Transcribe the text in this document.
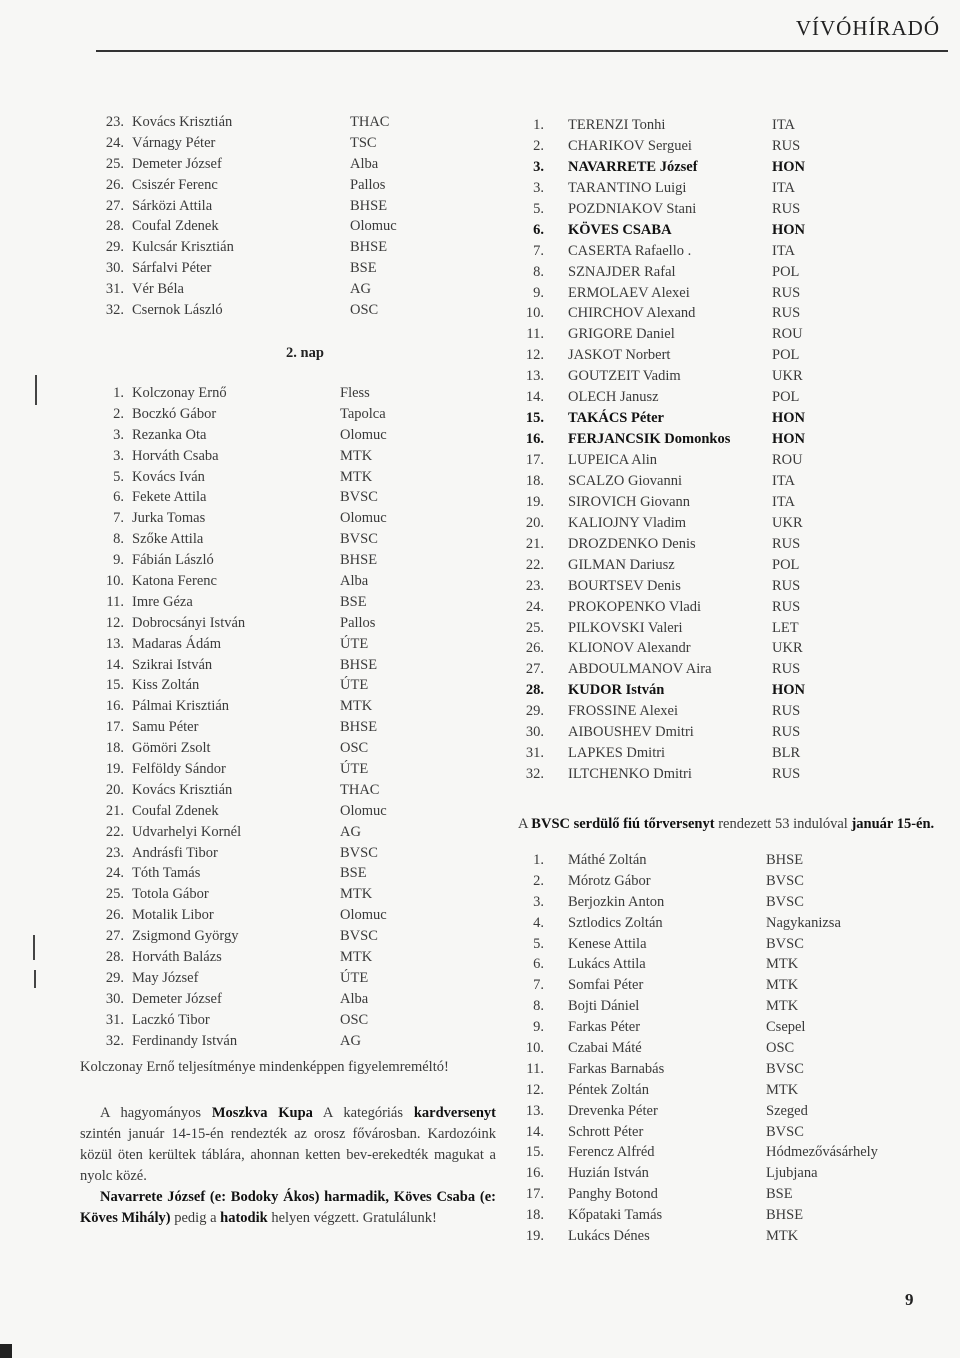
VÍVÓHÍRADÓ
23. Kovács Krisztián	THAC
24. Várnagy Péter	TSC
25. Demeter József	Alba
26. Csiszér Ferenc	Pallos
27. Sárközi Attila	BHSE
28. Coufal Zdenek	Olomuc
29. Kulcsár Krisztián	BHSE
30. Sárfalvi Péter	BSE
31. Vér Béla	AG
32. Csernok László	OSC
2. nap
1. Kolczonay Ernő	Fless
2. Boczkó Gábor	Tapolca
3. Rezanka Ota	Olomuc
3. Horváth Csaba	MTK
5. Kovács Iván	MTK
6. Fekete Attila	BVSC
7. Jurka Tomas	Olomuc
8. Szőke Attila	BVSC
9. Fábián László	BHSE
10. Katona Ferenc	Alba
11. Imre Géza	BSE
12. Dobrocsányi István	Pallos
13. Madaras Ádám	ÚTE
14. Szikrai István	BHSE
15. Kiss Zoltán	ÚTE
16. Pálmai Krisztián	MTK
17. Samu Péter	BHSE
18. Gömöri Zsolt	OSC
19. Felföldy Sándor	ÚTE
20. Kovács Krisztián	THAC
21. Coufal Zdenek	Olomuc
22. Udvarhelyi Kornél	AG
23. Andrásfi Tibor	BVSC
24. Tóth Tamás	BSE
25. Totola Gábor	MTK
26. Motalik Libor	Olomuc
27. Zsigmond György	BVSC
28. Horváth Balázs	MTK
29. May József	ÚTE
30. Demeter József	Alba
31. Laczkó Tibor	OSC
32. Ferdinandy István	AG
Kolczonay Ernő teljesítménye mindenképpen figyelemreméltó!
A hagyományos Moszkva Kupa A kategóriás kardversenyt szintén január 14-15-én rendezték az orosz fővárosban. Kardozóink közül öten kerültek táblára, ahonnan ketten bev-erekedték magukat a nyolc közé.
Navarrete József (e: Bodoky Ákos) harmadik, Köves Csaba (e: Köves Mihály) pedig a hatodik helyen végzett. Gratulálunk!
1. TERENZI Tonhi	ITA
2. CHARIKOV Serguei	RUS
3. NAVARRETE József	HON
3. TARANTINO Luigi	ITA
5. POZDNIAKOV Stani	RUS
6. KÖVES CSABA	HON
7. CASERTA Rafaello .	ITA
8. SZNAJDER Rafal	POL
9. ERMOLAEV Alexei	RUS
10. CHIRCHOV Alexand	RUS
11. GRIGORE Daniel	ROU
12. JASKOT Norbert	POL
13. GOUTZEIT Vadim	UKR
14. OLECH Janusz	POL
15. TAKÁCS Péter	HON
16. FERJANCSIK Domonkos	HON
17. LUPEICA Alin	ROU
18. SCALZO Giovanni	ITA
19. SIROVICH Giovann	ITA
20. KALIOJNY Vladim	UKR
21. DROZDENKO Denis	RUS
22. GILMAN Dariusz	POL
23. BOURTSEV Denis	RUS
24. PROKOPENKO Vladi	RUS
25. PILKOVSKI Valeri	LET
26. KLIONOV Alexandr	UKR
27. ABDOULMANOV Aira	RUS
28. KUDOR István	HON
29. FROSSINE Alexei	RUS
30. AIBOUSHEV Dmitri	RUS
31. LAPKES Dmitri	BLR
32. ILTCHENKO Dmitri	RUS
A BVSC serdülő fiú tőrversenyt rendezett 53 indulóval január 15-én.
1. Máthé Zoltán	BHSE
2. Mórotz Gábor	BVSC
3. Berjozkin Anton	BVSC
4. Sztlodics Zoltán	Nagykanizsa
5. Kenese Attila	BVSC
6. Lukács Attila	MTK
7. Somfai Péter	MTK
8. Bojti Dániel	MTK
9. Farkas Péter	Csepel
10. Czabai Máté	OSC
11. Farkas Barnabás	BVSC
12. Péntek Zoltán	MTK
13. Drevenka Péter	Szeged
14. Schrott Péter	BVSC
15. Ferencz Alfréd	Hódmezővásárhely
16. Huzián István	Ljubjana
17. Panghy Botond	BSE
18. Kőpataki Tamás	BHSE
19. Lukács Dénes	MTK
9
